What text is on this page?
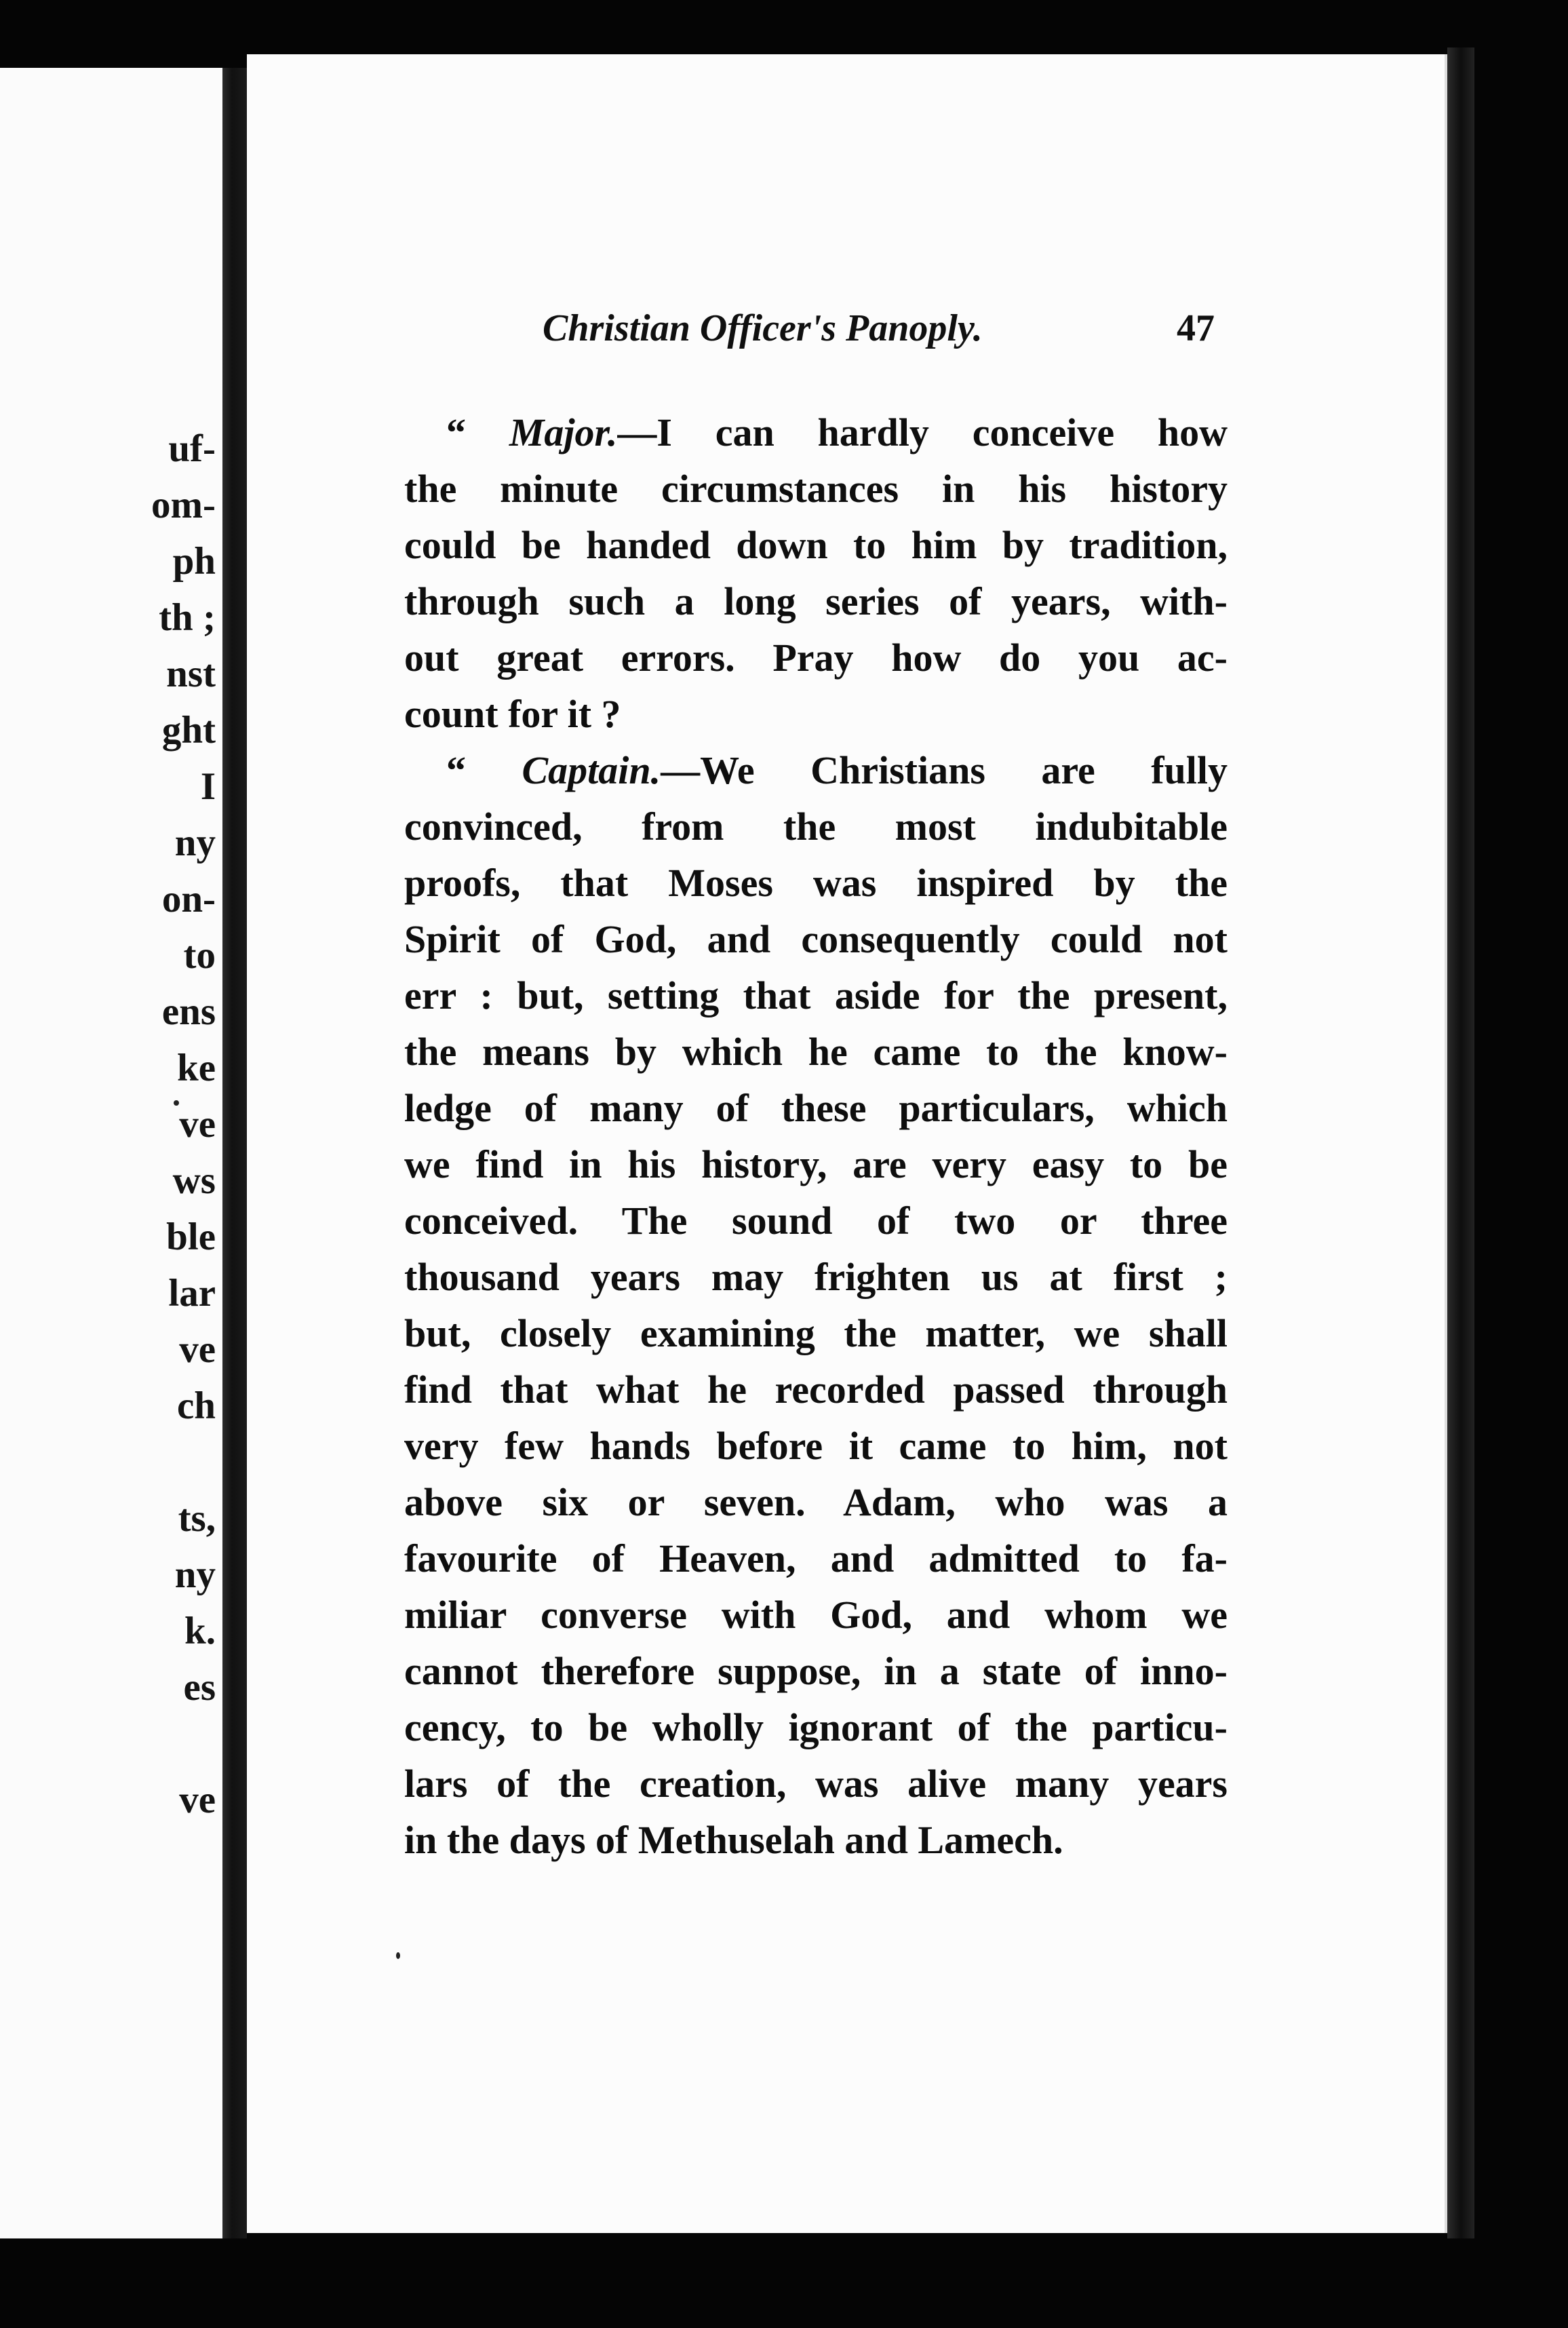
uf-
om-
ph
th ;
nst
ght
I
ny
on-
to
ens
ke
ve
ws
ble
lar
ve
ch
ts,
ny
k.
es
ve
Christian Officer's Panoply.	47
“ Major.—I can hardly conceive how
the minute circumstances in his history
could be handed down to him by tradition,
through such a long series of years, with-
out great errors. Pray how do you ac-
count for it ?
“ Captain.—We Christians are fully
convinced, from the most indubitable
proofs, that Moses was inspired by the
Spirit of God, and consequently could not
err : but, setting that aside for the present,
the means by which he came to the know-
ledge of many of these particulars, which
we find in his history, are very easy to be
conceived. The sound of two or three
thousand years may frighten us at first ;
but, closely examining the matter, we shall
find that what he recorded passed through
very few hands before it came to him, not
above six or seven. Adam, who was a
favourite of Heaven, and admitted to fa-
miliar converse with God, and whom we
cannot therefore suppose, in a state of inno-
cency, to be wholly ignorant of the particu-
lars of the creation, was alive many years
in the days of Methuselah and Lamech.
